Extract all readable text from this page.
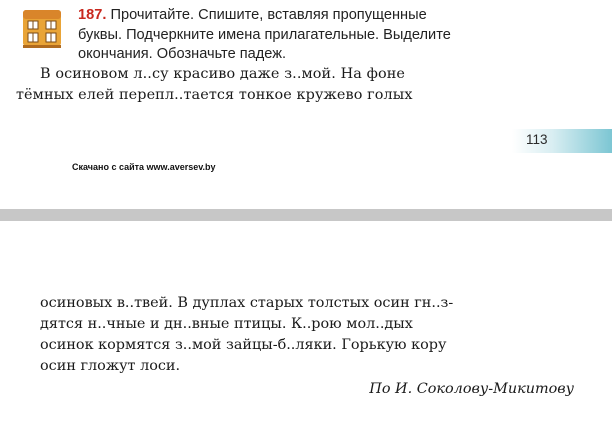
187. Прочитайте. Спишите, вставляя пропущенные
буквы. Подчеркните имена прилагательные. Выделите
окончания. Обозначьте падеж.
В осиновом л..су красиво даже з..мой. На фоне
тёмных елей перепл..тается тонкое кружево голых
113
Скачано с сайта www.aversev.by
осиновых в..твей. В дуплах старых толстых осин гн..з-
дятся н..чные и дн..вные птицы. К..рою мол..дых
осинок кормятся з..мой зайцы-б..ляки. Горькую кору
осин гложут лоси.
По И. Соколову-Микитову
